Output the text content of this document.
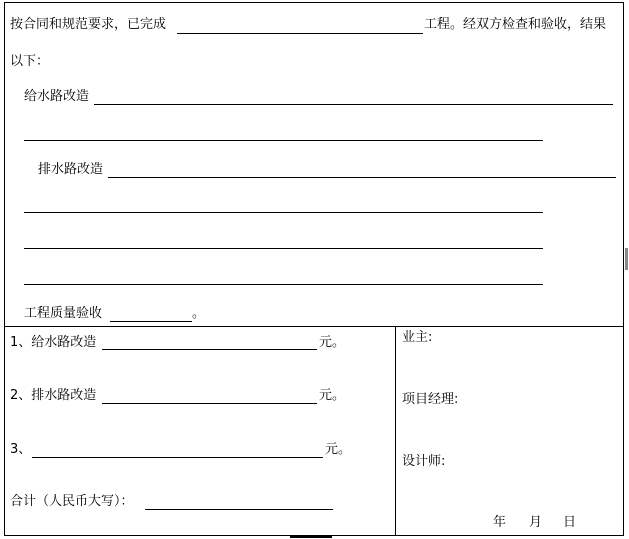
按合同和规范要求，已完成	工程。经双方检查和验收，结果
以下：
给水路改造
排水路改造
工程质量验收	。
1、给水路改造	元。
2、排水路改造	元。
3、	元。
合计（人民币大写）：
业主:
项目经理:
设计师:
年 月 日
